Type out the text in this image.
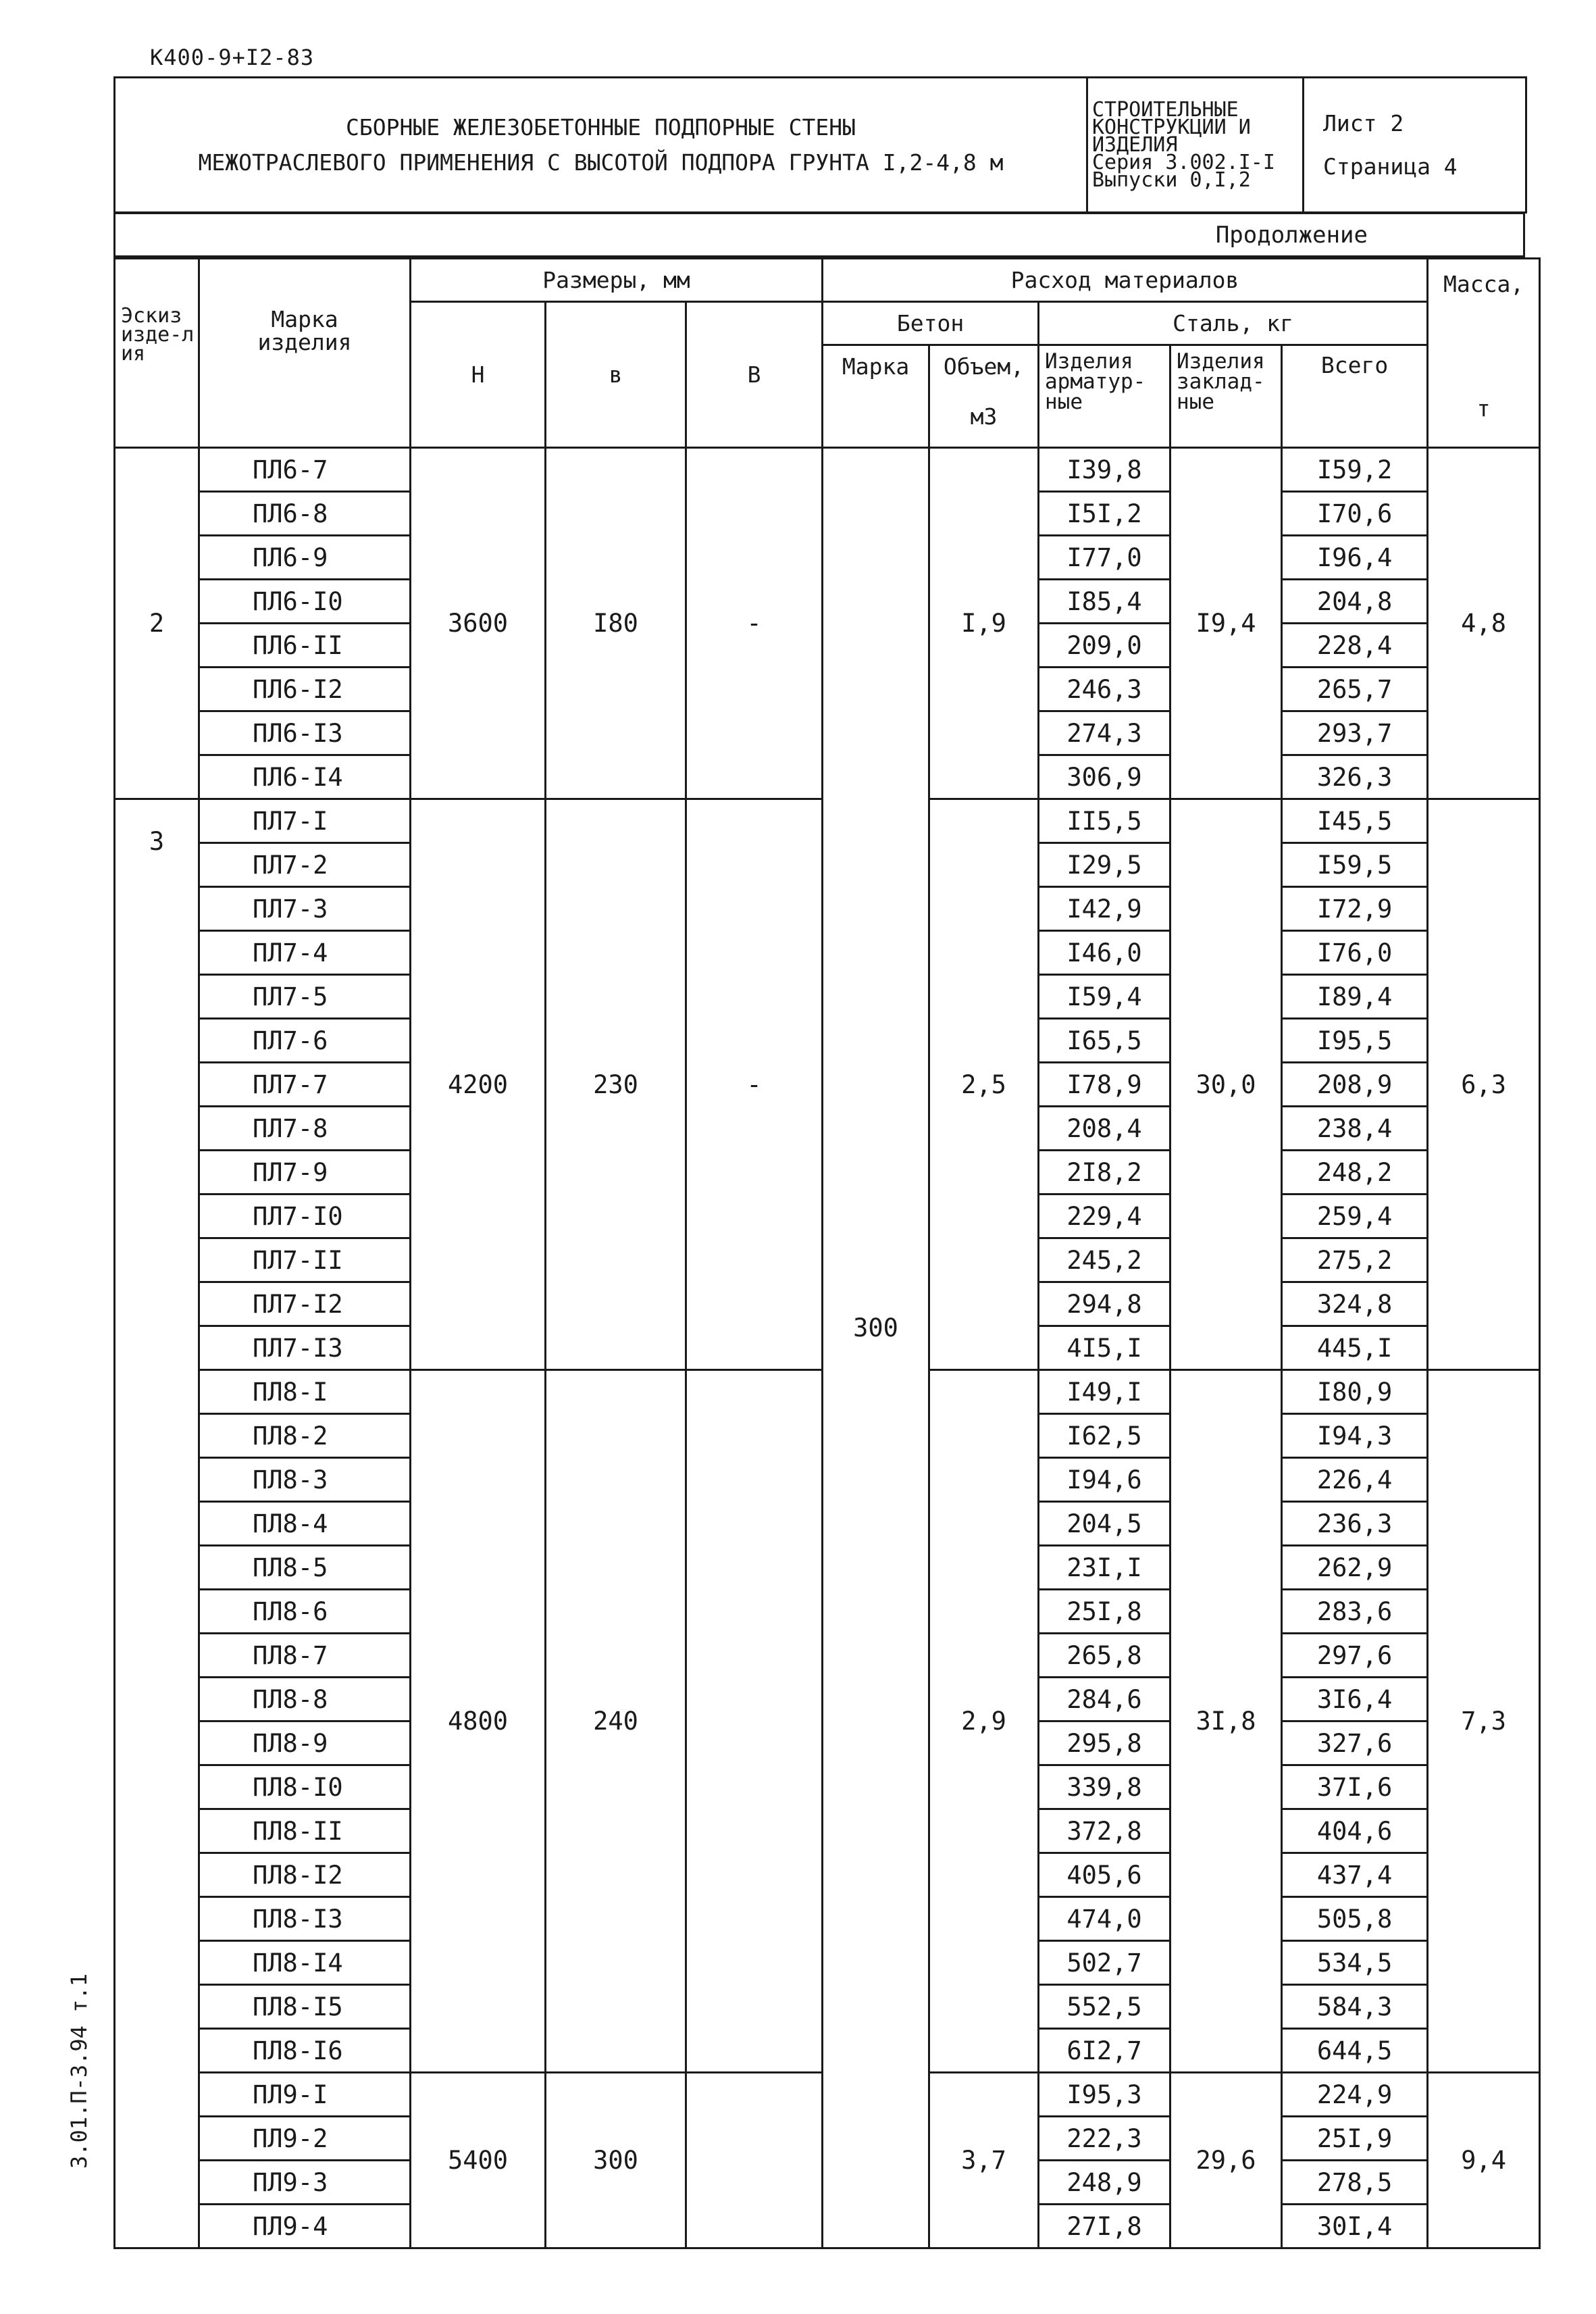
К400-9+I2-83
3.01.П-3.94 т.1
СБОРНЫЕ ЖЕЛЕЗОБЕТОННЫЕ ПОДПОРНЫЕ СТЕНЫ
МЕЖОТРАСЛЕВОГО ПРИМЕНЕНИЯ С ВЫСОТОЙ ПОДПОРА ГРУНТА I,2-4,8 м

СТРОИТЕЛЬНЫЕ
КОНСТРУКЦИИ И
ИЗДЕЛИЯ
Серия 3.002.I-I
Выпуски 0,I,2

Лист 2
Страница 4
Продолжение
Эскиз изде-лия	Марка изделия	Размеры, мм			Расход материалов					Масса,
т

		Н	в	В	Бетон		Сталь, кг			
					Марка	Объем,
м3	Изделия арматур-ные	Изделия заклад-ные	Всего	
2	ПЛ6-7	3600	I80	-	300	I,9	I39,8	I9,4	I59,2	4,8
	ПЛ6-8						I5I,2		I70,6	
	ПЛ6-9						I77,0		I96,4	
	ПЛ6-I0						I85,4		204,8	
	ПЛ6-II						209,0		228,4	
	ПЛ6-I2						246,3		265,7	
	ПЛ6-I3						274,3		293,7	
	ПЛ6-I4						306,9		326,3	
3	ПЛ7-I	4200	230	-		2,5	II5,5	30,0	I45,5	6,3
	ПЛ7-2						I29,5		I59,5	
	ПЛ7-3						I42,9		I72,9	
	ПЛ7-4						I46,0		I76,0	
	ПЛ7-5						I59,4		I89,4	
	ПЛ7-6						I65,5		I95,5	
	ПЛ7-7						I78,9		208,9	
	ПЛ7-8						208,4		238,4	
	ПЛ7-9						2I8,2		248,2	
	ПЛ7-I0						229,4		259,4	
	ПЛ7-II						245,2		275,2	
	ПЛ7-I2						294,8		324,8	
	ПЛ7-I3						4I5,I		445,I	
	ПЛ8-I	4800	240			2,9	I49,I	3I,8	I80,9	7,3
	ПЛ8-2						I62,5		I94,3	
	ПЛ8-3						I94,6		226,4	
	ПЛ8-4						204,5		236,3	
	ПЛ8-5						23I,I		262,9	
	ПЛ8-6						25I,8		283,6	
	ПЛ8-7						265,8		297,6	
	ПЛ8-8						284,6		3I6,4	
	ПЛ8-9						295,8		327,6	
	ПЛ8-I0						339,8		37I,6	
	ПЛ8-II						372,8		404,6	
	ПЛ8-I2						405,6		437,4	
	ПЛ8-I3						474,0		505,8	
	ПЛ8-I4						502,7		534,5	
	ПЛ8-I5						552,5		584,3	
	ПЛ8-I6						6I2,7		644,5	
	ПЛ9-I	5400	300			3,7	I95,3	29,6	224,9	9,4
	ПЛ9-2						222,3		25I,9	
	ПЛ9-3						248,9		278,5	
	ПЛ9-4						27I,8		30I,4	
